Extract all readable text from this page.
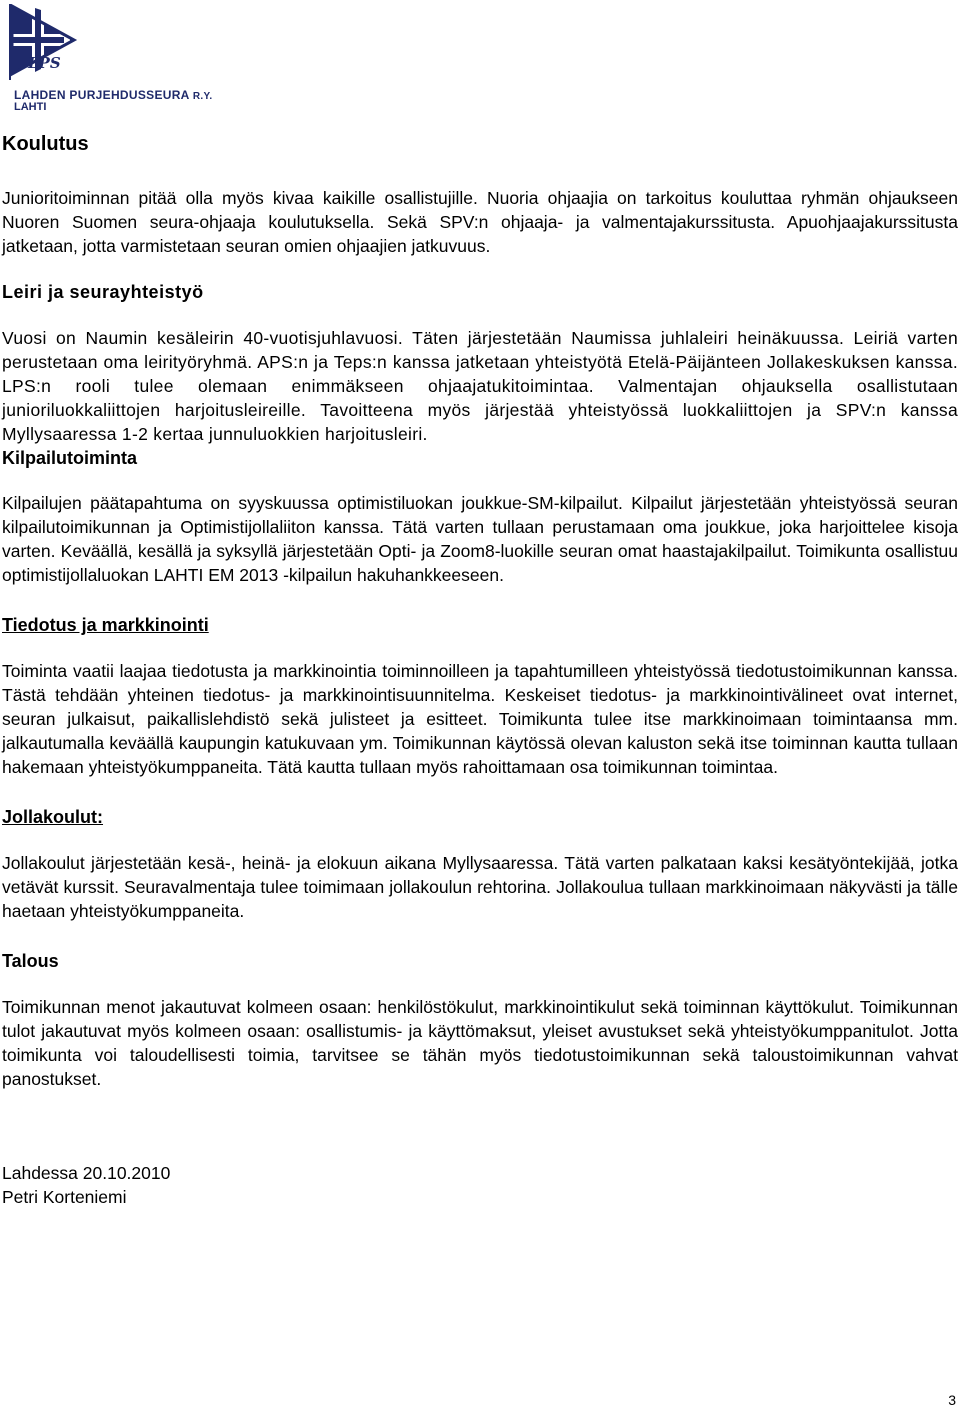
LPS
LAHDEN PURJEHDUSSEURA R.Y.
LAHTI
Koulutus

Junioritoiminnan pitää olla myös kivaa kaikille osallistujille. Nuoria ohjaajia on tarkoitus kouluttaa ryhmän ohjaukseen Nuoren Suomen seura-ohjaaja koulutuksella. Sekä SPV:n ohjaaja- ja valmentajakurssitusta. Apuohjaajakurssitusta jatketaan, jotta varmistetaan seuran omien ohjaajien jatkuvuus.

Leiri ja seurayhteistyö

Vuosi on Naumin kesäleirin 40-vuotisjuhlavuosi. Täten järjestetään Naumissa juhlaleiri heinäkuussa. Leiriä varten perustetaan oma leirityöryhmä. APS:n ja Teps:n kanssa jatketaan yhteistyötä Etelä-Päijänteen Jollakeskuksen kanssa. LPS:n rooli tulee olemaan enimmäkseen ohjaajatukitoimintaa. Valmentajan ohjauksella osallistutaan junioriluokkaliittojen harjoitusleireille. Tavoitteena myös järjestää yhteistyössä luokkaliittojen ja SPV:n kanssa Myllysaaressa 1-2 kertaa junnuluokkien harjoitusleiri.

Kilpailutoiminta

Kilpailujen päätapahtuma on syyskuussa optimistiluokan joukkue-SM-kilpailut. Kilpailut järjestetään yhteistyössä seuran kilpailutoimikunnan ja Optimistijollaliiton kanssa. Tätä varten tullaan perustamaan oma joukkue, joka harjoittelee kisoja varten. Keväällä, kesällä ja syksyllä järjestetään Opti- ja Zoom8-luokille seuran omat haastajakilpailut. Toimikunta osallistuu optimistijollaluokan LAHTI EM 2013 -kilpailun hakuhankkeeseen.

Tiedotus ja markkinointi

Toiminta vaatii laajaa tiedotusta ja markkinointia toiminnoilleen ja tapahtumilleen yhteistyössä tiedotustoimikunnan kanssa. Tästä tehdään yhteinen tiedotus- ja markkinointisuunnitelma. Keskeiset tiedotus- ja markkinointivälineet ovat internet, seuran julkaisut, paikallislehdistö sekä julisteet ja esitteet. Toimikunta tulee itse markkinoimaan toimintaansa mm. jalkautumalla keväällä kaupungin katukuvaan ym. Toimikunnan käytössä olevan kaluston sekä itse toiminnan kautta tullaan hakemaan yhteistyökumppaneita. Tätä kautta tullaan myös rahoittamaan osa toimikunnan toimintaa.

Jollakoulut:

Jollakoulut järjestetään kesä-, heinä- ja elokuun aikana Myllysaaressa. Tätä varten palkataan kaksi kesätyöntekijää, jotka vetävät kurssit. Seuravalmentaja tulee toimimaan jollakoulun rehtorina. Jollakoulua tullaan markkinoimaan näkyvästi ja tälle haetaan yhteistyökumppaneita.

Talous

Toimikunnan menot jakautuvat kolmeen osaan: henkilöstökulut, markkinointikulut sekä toiminnan käyttökulut. Toimikunnan tulot jakautuvat myös kolmeen osaan: osallistumis- ja käyttömaksut, yleiset avustukset sekä yhteistyökumppanitulot. Jotta toimikunta voi taloudellisesti toimia, tarvitsee se tähän myös tiedotustoimikunnan sekä taloustoimikunnan vahvat panostukset.

Lahdessa 20.10.2010

Petri Korteniemi

3
